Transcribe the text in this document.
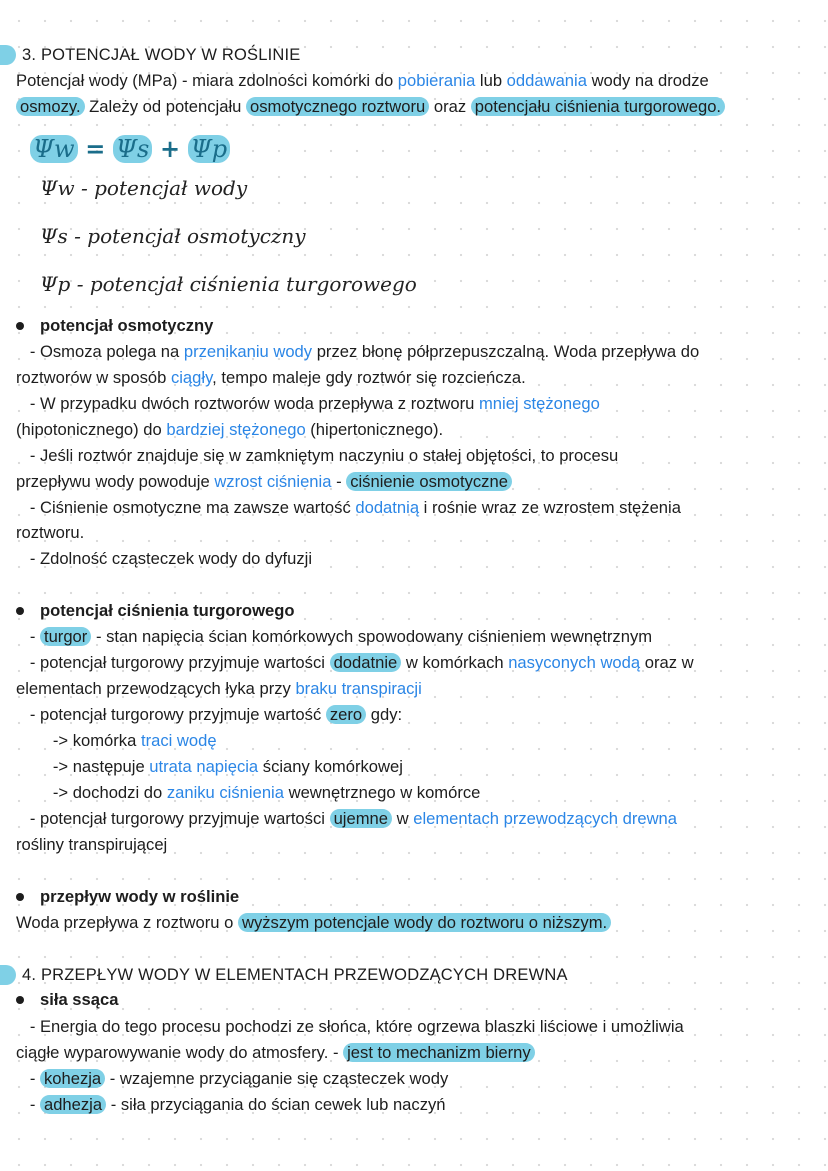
Ψw = Ψs + Ψp
Ψw - potencjał wody
Ψs - potencjał osmotyczny
Ψp - potencjał ciśnienia turgorowego
3. POTENCJAŁ WODY W ROŚLINIE
Potencjał wody (MPa) - miara zdolności komórki do pobierania lub oddawania wody na drodze
osmozy. Zależy od potencjału osmotycznego roztworu oraz potencjału ciśnienia turgorowego.
potencjał osmotyczny
- Osmoza polega na przenikaniu wody przez błonę półprzepuszczalną. Woda przepływa do
roztworów w sposób ciągły, tempo maleje gdy roztwór się rozcieńcza.
- W przypadku dwóch roztworów woda przepływa z roztworu mniej stężonego
(hipotonicznego) do bardziej stężonego (hipertonicznego).
- Jeśli roztwór znajduje się w zamkniętym naczyniu o stałej objętości, to procesu
przepływu wody powoduje wzrost ciśnienia - ciśnienie osmotyczne
- Ciśnienie osmotyczne ma zawsze wartość dodatnią i rośnie wraz ze wzrostem stężenia
roztworu.
- Zdolność cząsteczek wody do dyfuzji
potencjał ciśnienia turgorowego
- turgor - stan napięcia ścian komórkowych spowodowany ciśnieniem wewnętrznym
- potencjał turgorowy przyjmuje wartości dodatnie w komórkach nasyconych wodą oraz w
elementach przewodzących łyka przy braku transpiracji
- potencjał turgorowy przyjmuje wartość zero gdy:
-> komórka traci wodę
-> następuje utrata napięcia ściany komórkowej
-> dochodzi do zaniku ciśnienia wewnętrznego w komórce
- potencjał turgorowy przyjmuje wartości ujemne w elementach przewodzących drewna
rośliny transpirującej
przepływ wody w roślinie
Woda przepływa z roztworu o wyższym potencjale wody do roztworu o niższym.
4. PRZEPŁYW WODY W ELEMENTACH PRZEWODZĄCYCH DREWNA
siła ssąca
- Energia do tego procesu pochodzi ze słońca, które ogrzewa blaszki liściowe i umożliwia
ciągłe wyparowywanie wody do atmosfery. - jest to mechanizm bierny
- kohezja - wzajemne przyciąganie się cząsteczek wody
- adhezja - siła przyciągania do ścian cewek lub naczyń
